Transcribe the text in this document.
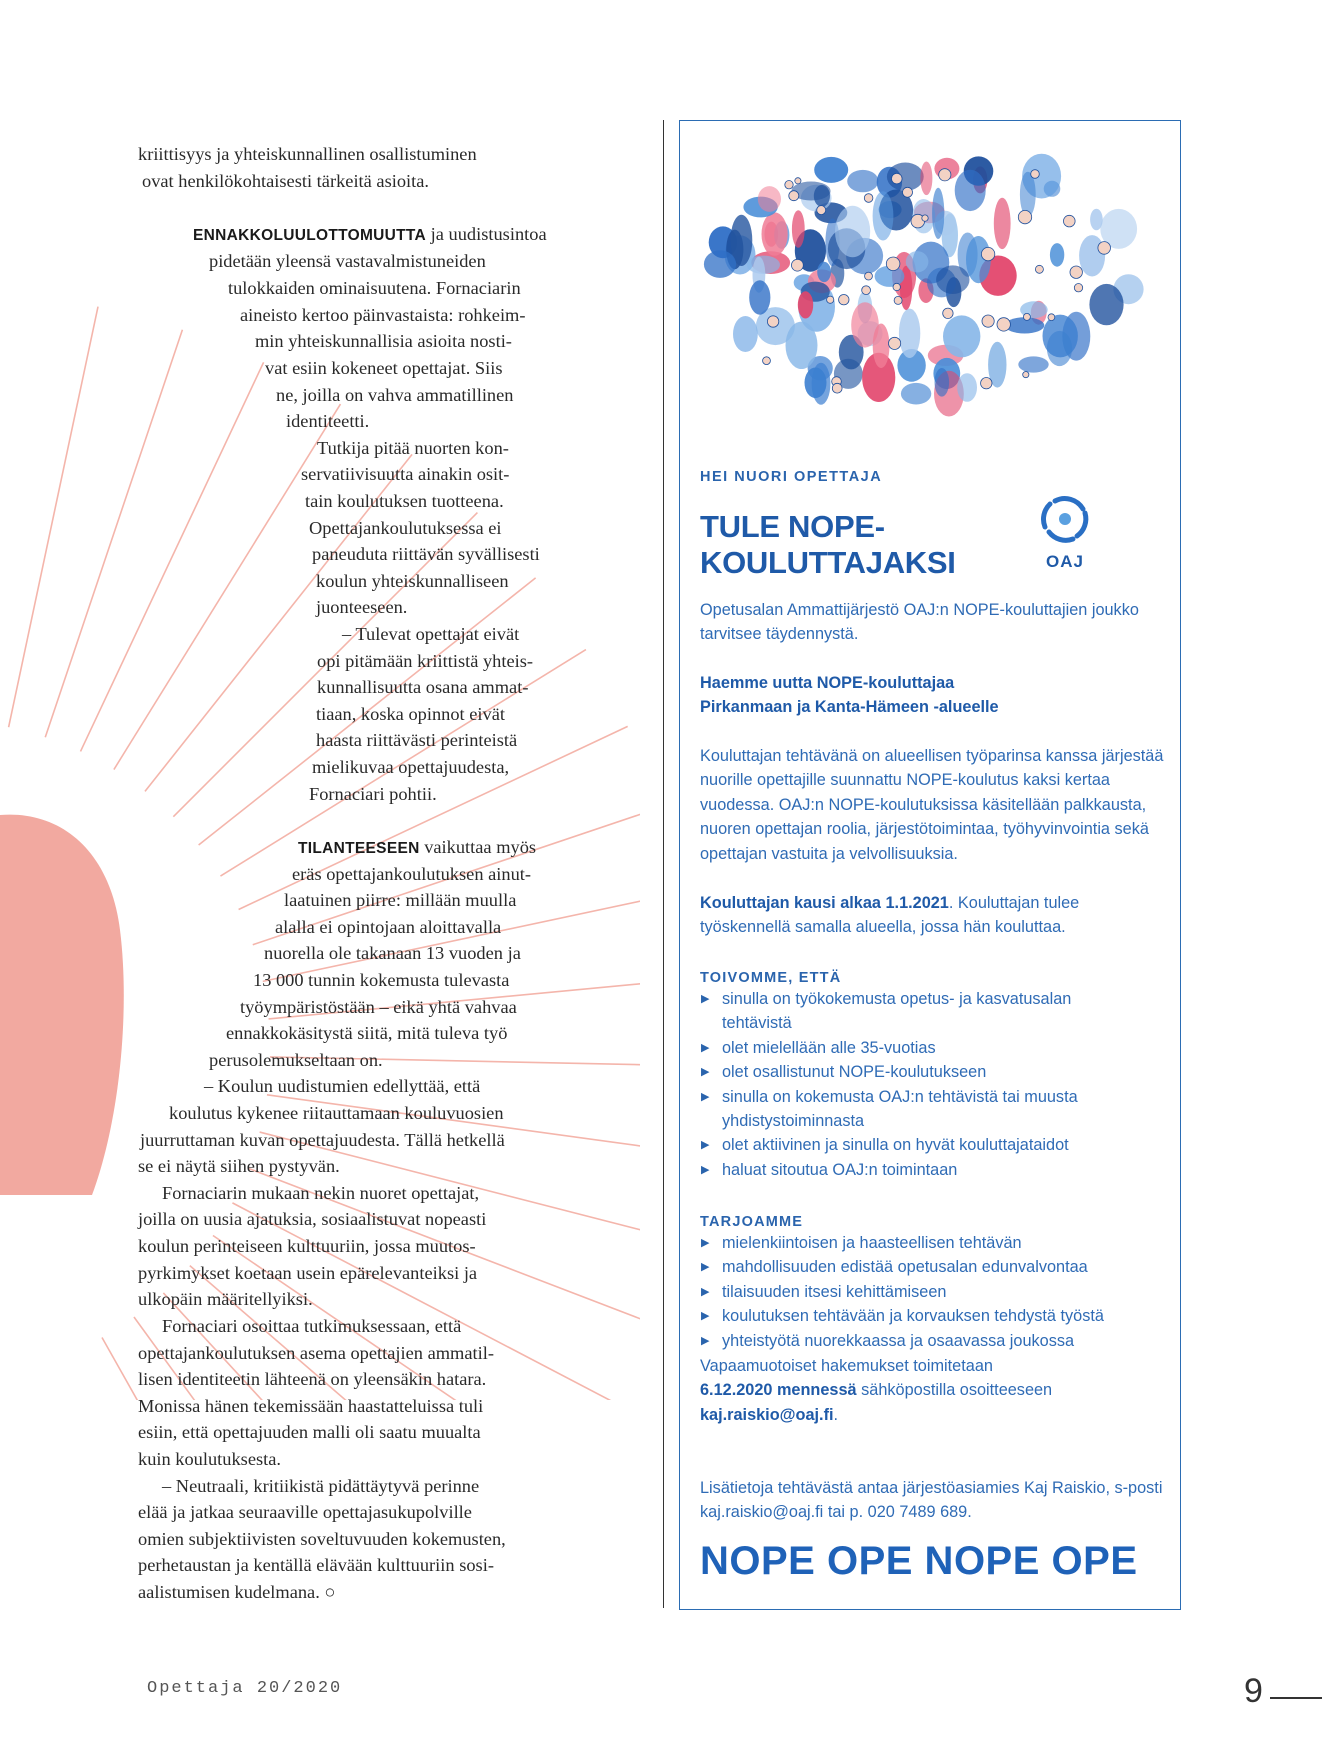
kriittisyys ja yhteiskunnallinen osallistuminen
ovat henkilökohtaisesti tärkeitä asioita.
ENNAKKOLUULOTTOMUUTTA ja uudistusintoa
pidetään yleensä vastavalmistuneiden
tulokkaiden ominaisuutena. Fornaciarin
aineisto kertoo päinvastaista: rohkeim-
min yhteiskunnallisia asioita nosti-
vat esiin kokeneet opettajat. Siis
ne, joilla on vahva ammatillinen
identiteetti.
Tutkija pitää nuorten kon-
servatiivisuutta ainakin osit-
tain koulutuksen tuotteena.
Opettajankoulutuksessa ei
paneuduta riittävän syvällisesti
koulun yhteiskunnalliseen
juonteeseen.
– Tulevat opettajat eivät
opi pitämään kriittistä yhteis-
kunnallisuutta osana ammat-
tiaan, koska opinnot eivät
haasta riittävästi perinteistä
mielikuvaa opettajuudesta,
Fornaciari pohtii.
TILANTEESEEN vaikuttaa myös
eräs opettajankoulutuksen ainut-
laatuinen piirre: millään muulla
alalla ei opintojaan aloittavalla
nuorella ole takanaan 13 vuoden ja
13 000 tunnin kokemusta tulevasta
työympäristöstään – eikä yhtä vahvaa
ennakkokäsitystä siitä, mitä tuleva työ
perusolemukseltaan on.
– Koulun uudistumien edellyttää, että
koulutus kykenee riitauttamaan kouluvuosien
juurruttaman kuvan opettajuudesta. Tällä hetkellä
se ei näytä siihen pystyvän.
Fornaciarin mukaan nekin nuoret opettajat,
joilla on uusia ajatuksia, sosiaalistuvat nopeasti
koulun perinteiseen kulttuuriin, jossa muutos-
pyrkimykset koetaan usein epärelevanteiksi ja
ulkopäin määritellyiksi.
Fornaciari osoittaa tutkimuksessaan, että
opettajankoulutuksen asema opettajien ammatil-
lisen identiteetin lähteenä on yleensäkin hatara.
Monissa hänen tekemissään haastatteluissa tuli
esiin, että opettajuuden malli oli saatu muualta
kuin koulutuksesta.
– Neutraali, kritiikistä pidättäytyvä perinne
elää ja jatkaa seuraaville opettajasukupolville
omien subjektiivisten soveltuvuuden kokemusten,
perhetaustan ja kentällä elävään kulttuuriin sosi-
aalistumisen kudelmana. ○
HEI NUORI OPETTAJA
TULE NOPE-
KOULUTTAJAKSI	OAJ
Opetusalan Ammattijärjestö OAJ:n NOPE-kouluttajien joukko tarvitsee täydennystä.
Haemme uutta NOPE-kouluttajaa
Pirkanmaan ja Kanta-Hämeen -alueelle
Kouluttajan tehtävänä on alueellisen työparinsa kanssa järjestää nuorille opettajille suunnattu NOPE-koulutus kaksi kertaa vuodessa. OAJ:n NOPE-koulutuksissa käsitellään palkkausta, nuoren opettajan roolia, järjestötoimintaa, työhyvinvointia sekä opettajan vastuita ja velvollisuuksia.
Kouluttajan kausi alkaa 1.1.2021. Kouluttajan tulee työskennellä samalla alueella, jossa hän kouluttaa.
TOIVOMME, ETTÄ
▶ sinulla on työkokemusta opetus- ja kasvatusalan tehtävistä
▶ olet mielellään alle 35-vuotias
▶ olet osallistunut NOPE-koulutukseen
▶ sinulla on kokemusta OAJ:n tehtävistä tai muusta yhdistystoiminnasta
▶ olet aktiivinen ja sinulla on hyvät kouluttajataidot
▶ haluat sitoutua OAJ:n toimintaan
TARJOAMME
▶ mielenkiintoisen ja haasteellisen tehtävän
▶ mahdollisuuden edistää opetusalan edunvalvontaa
▶ tilaisuuden itsesi kehittämiseen
▶ koulutuksen tehtävään ja korvauksen tehdystä työstä
▶ yhteistyötä nuorekkaassa ja osaavassa joukossa
Vapaamuotoiset hakemukset toimitetaan
6.12.2020 mennessä sähköpostilla osoitteeseen
kaj.raiskio@oaj.fi.
Lisätietoja tehtävästä antaa järjestöasiamies Kaj Raiskio, s-posti kaj.raiskio@oaj.fi tai p. 020 7489 689.
NOPE OPE NOPE OPE
Opettaja 20/2020	9
